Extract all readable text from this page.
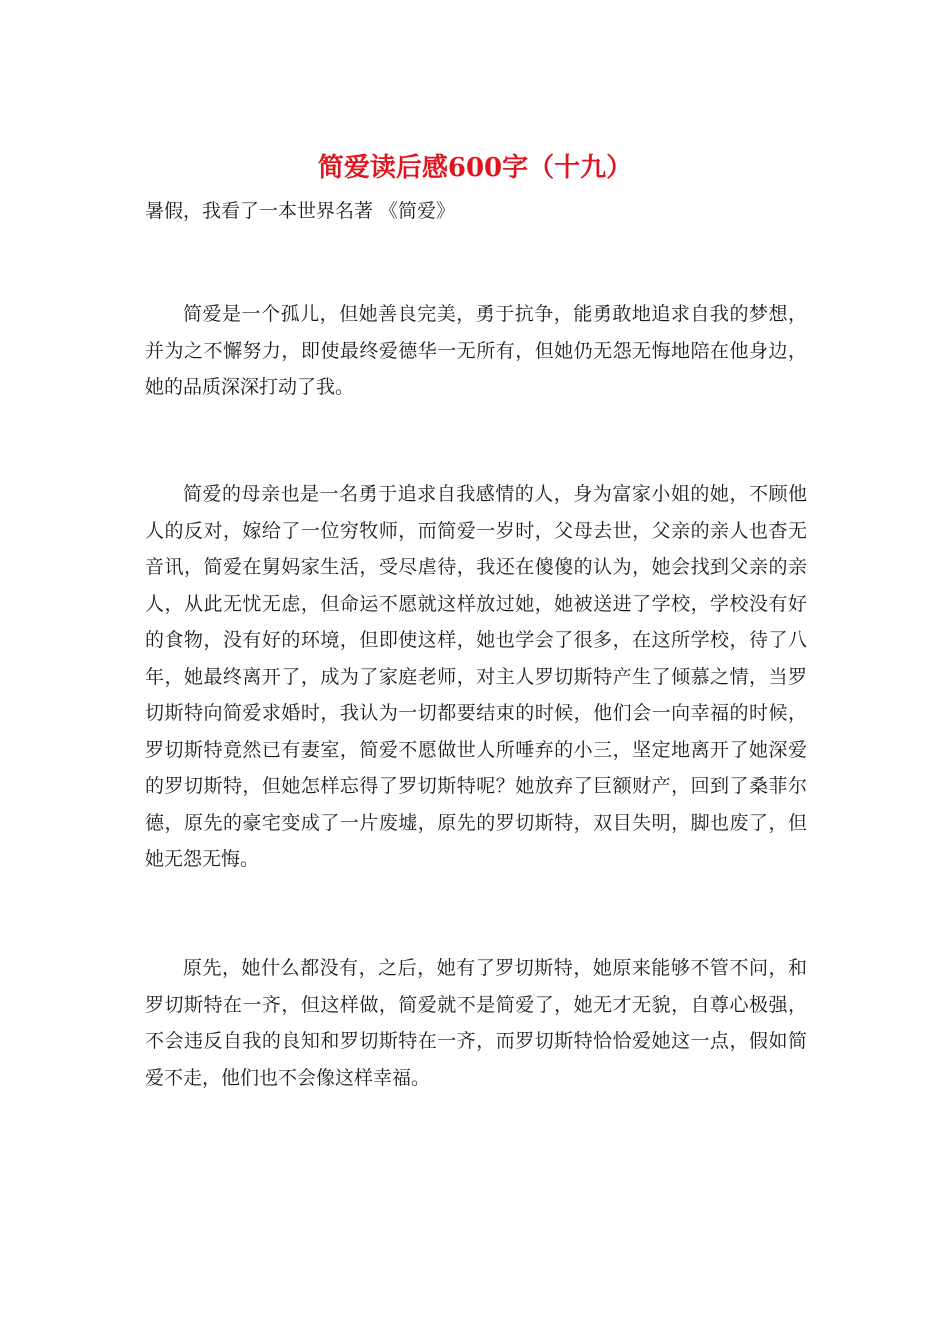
简爱读后感600字（十九）

暑假，我看了一本世界名著 《简爱》

简爱是一个孤儿，但她善良完美，勇于抗争，能勇敢地追求自我的梦想，并为之不懈努力，即使最终爱德华一无所有，但她仍无怨无悔地陪在他身边，她的品质深深打动了我。

简爱的母亲也是一名勇于追求自我感情的人，身为富家小姐的她，不顾他人的反对，嫁给了一位穷牧师，而简爱一岁时，父母去世，父亲的亲人也杳无音讯，简爱在舅妈家生活，受尽虐待，我还在傻傻的认为，她会找到父亲的亲人，从此无忧无虑，但命运不愿就这样放过她，她被送进了学校，学校没有好的食物，没有好的环境，但即使这样，她也学会了很多，在这所学校，待了八年，她最终离开了，成为了家庭老师，对主人罗切斯特产生了倾慕之情，当罗切斯特向简爱求婚时，我认为一切都要结束的时候，他们会一向幸福的时候，罗切斯特竟然已有妻室，简爱不愿做世人所唾弃的小三，坚定地离开了她深爱的罗切斯特，但她怎样忘得了罗切斯特呢？她放弃了巨额财产，回到了桑菲尔德，原先的豪宅变成了一片废墟，原先的罗切斯特，双目失明，脚也废了，但她无怨无悔。

原先，她什么都没有，之后，她有了罗切斯特，她原来能够不管不问，和罗切斯特在一齐，但这样做，简爱就不是简爱了，她无才无貌，自尊心极强，不会违反自我的良知和罗切斯特在一齐，而罗切斯特恰恰爱她这一点，假如简爱不走，他们也不会像这样幸福。
